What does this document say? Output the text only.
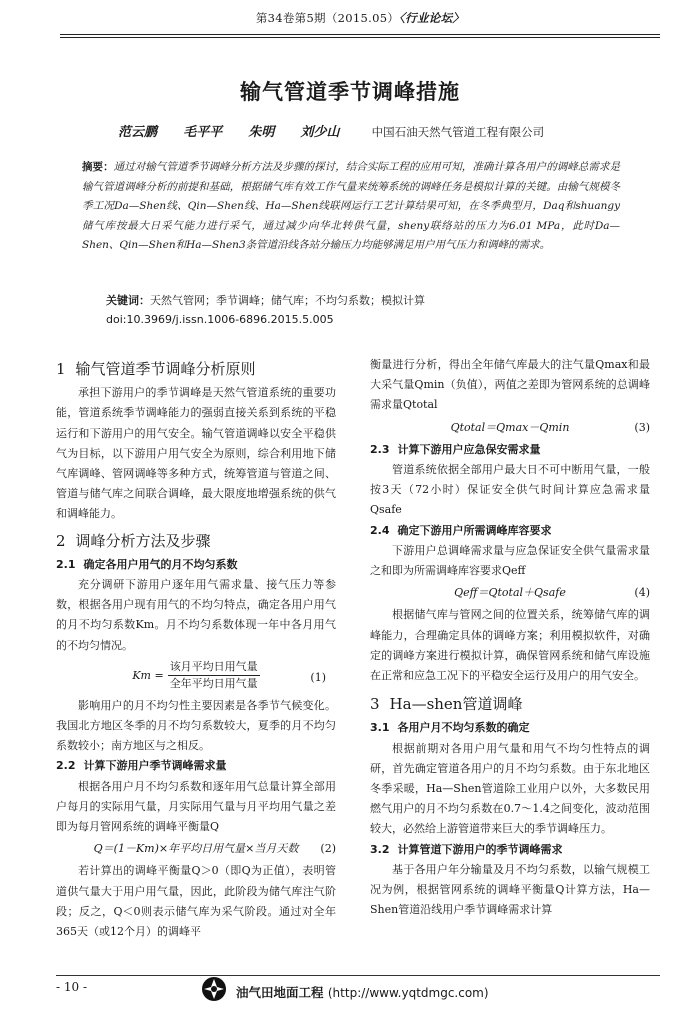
第34卷第5期（2015.05）〈行业论坛〉
输气管道季节调峰措施
范云鹏 毛平平 朱明 刘少山	中国石油天然气管道工程有限公司
摘要：通过对输气管道季节调峰分析方法及步骤的探讨，结合实际工程的应用可知，准确计算各用户的调峰总需求是输气管道调峰分析的前提和基础，根据储气库有效工作气量来统筹系统的调峰任务是模拟计算的关键。由输气规模冬季工况Da—Shen线、Qin—Shen线、Ha—Shen线联网运行工艺计算结果可知，在冬季典型月，Daq和shuangy储气库按最大日采气能力进行采气，通过减少向华北转供气量，sheny联络站的压力为6.01 MPa，此时Da—Shen、Qin—Shen和Ha—Shen3条管道沿线各站分输压力均能够满足用户用气压力和调峰的需求。
关键词：天然气管网；季节调峰；储气库；不均匀系数；模拟计算
doi:10.3969/j.issn.1006-6896.2015.5.005
1 输气管道季节调峰分析原则

承担下游用户的季节调峰是天然气管道系统的重要功能，管道系统季节调峰能力的强弱直接关系到系统的平稳运行和下游用户的用气安全。输气管道调峰以安全平稳供气为目标，以下游用户用气安全为原则，综合利用地下储气库调峰、管网调峰等多种方式，统筹管道与管道之间、管道与储气库之间联合调峰，最大限度地增强系统的供气和调峰能力。

2 调峰分析方法及步骤
2.1 确定各用户用气的月不均匀系数

充分调研下游用户逐年用气需求量、接气压力等参数，根据各用户现有用气的不均匀特点，确定各用户用气的月不均匀系数Km。月不均匀系数体现一年中各月用气的不均匀情况。

$Km = \frac{\text{该月平均日用气量}}{\text{全年平均日用气量}}$	(1)

影响用户的月不均匀性主要因素是各季节气候变化。我国北方地区冬季的月不均匀系数较大，夏季的月不均匀系数较小；南方地区与之相反。

2.2 计算下游用户季节调峰需求量

根据各用户月不均匀系数和逐年用气总量计算全部用户每月的实际用气量，月实际用气量与月平均用气量之差即为每月管网系统的调峰平衡量Q

Q＝(1－Km)×年平均日用气量×当月天数 (2)

若计算出的调峰平衡量Q＞0（即Q为正值），表明管道供气量大于用户用气量，因此，此阶段为储气库注气阶段；反之，Q＜0则表示储气库为采气阶段。通过对全年365天（或12个月）的调峰平

衡量进行分析，得出全年储气库最大的注气量Qmax和最大采气量Qmin（负值），两值之差即为管网系统的总调峰需求量Qtotal

Qtotal＝Qmax－Qmin	(3)
2.3 计算下游用户应急保安需求量

管道系统依据全部用户最大日不可中断用气量，一般按3天（72小时）保证安全供气时间计算应急需求量Qsafe

2.4 确定下游用户所需调峰库容要求

下游用户总调峰需求量与应急保证安全供气量需求量之和即为所需调峰库容要求Qeff

Qeff＝Qtotal＋Qsafe	(4)

根据储气库与管网之间的位置关系，统筹储气库的调峰能力，合理确定具体的调峰方案；利用模拟软件，对确定的调峰方案进行模拟计算，确保管网系统和储气库设施在正常和应急工况下的平稳安全运行及用户的用气安全。

3 Ha—shen管道调峰
3.1 各用户月不均匀系数的确定

根据前期对各用户用气量和用气不均匀性特点的调研，首先确定管道各用户的月不均匀系数。由于东北地区冬季采暖，Ha—Shen管道除工业用户以外，大多数民用燃气用户的月不均匀系数在0.7～1.4之间变化，波动范围较大，必然给上游管道带来巨大的季节调峰压力。

3.2 计算管道下游用户的季节调峰需求

基于各用户年分输量及月不均匀系数，以输气规模工况为例，根据管网系统的调峰平衡量Q计算方法，Ha—Shen管道沿线用户季节调峰需求计算

- 10 -	油气田地面工程 (http://www.yqtdmgc.com)
